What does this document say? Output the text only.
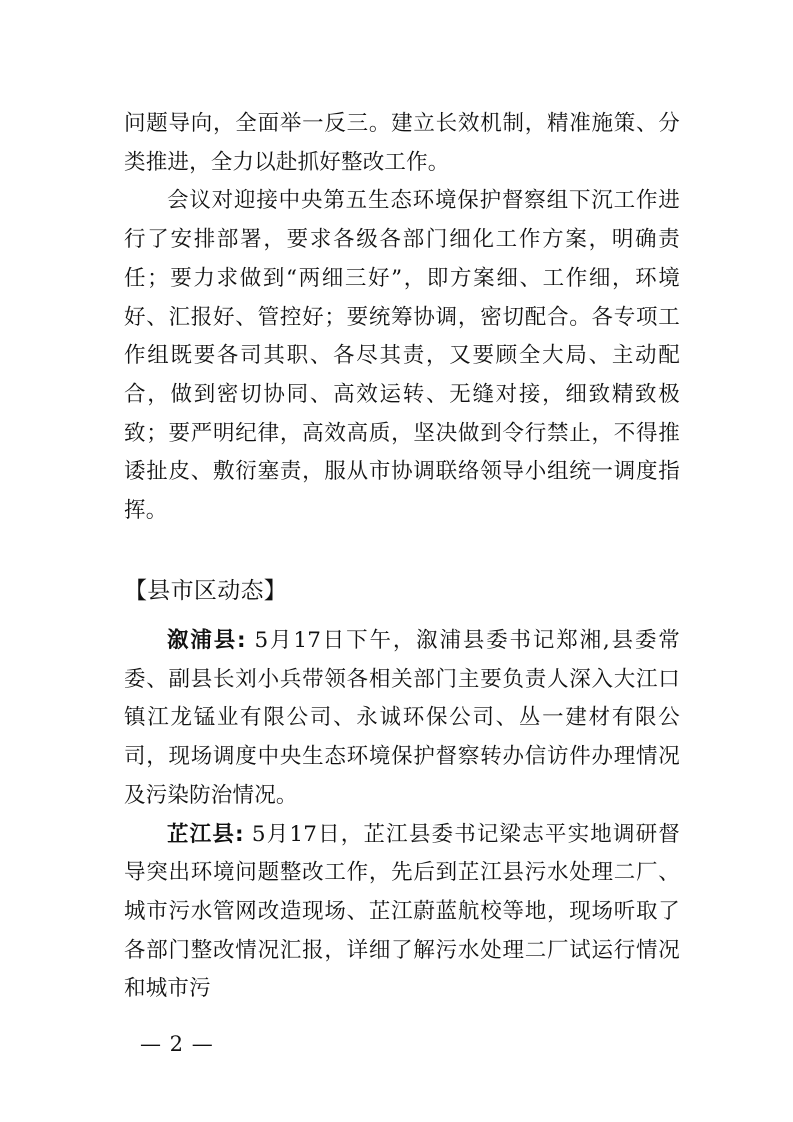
问题导向，全面举一反三。建立长效机制，精准施策、分类推进，全力以赴抓好整改工作。

会议对迎接中央第五生态环境保护督察组下沉工作进行了安排部署，要求各级各部门细化工作方案，明确责任；要力求做到“两细三好”，即方案细、工作细，环境好、汇报好、管控好；要统筹协调，密切配合。各专项工作组既要各司其职、各尽其责，又要顾全大局、主动配合，做到密切协同、高效运转、无缝对接，细致精致极致；要严明纪律，高效高质，坚决做到令行禁止，不得推诿扯皮、敷衍塞责，服从市协调联络领导小组统一调度指挥。

【县市区动态】

溆浦县: 5月17日下午，溆浦县委书记郑湘,县委常委、副县长刘小兵带领各相关部门主要负责人深入大江口镇江龙锰业有限公司、永诚环保公司、丛一建材有限公司，现场调度中央生态环境保护督察转办信访件办理情况及污染防治情况。

芷江县: 5月17日，芷江县委书记梁志平实地调研督导突出环境问题整改工作，先后到芷江县污水处理二厂、城市污水管网改造现场、芷江蔚蓝航校等地，现场听取了各部门整改情况汇报，详细了解污水处理二厂试运行情况和城市污

— 2 —
